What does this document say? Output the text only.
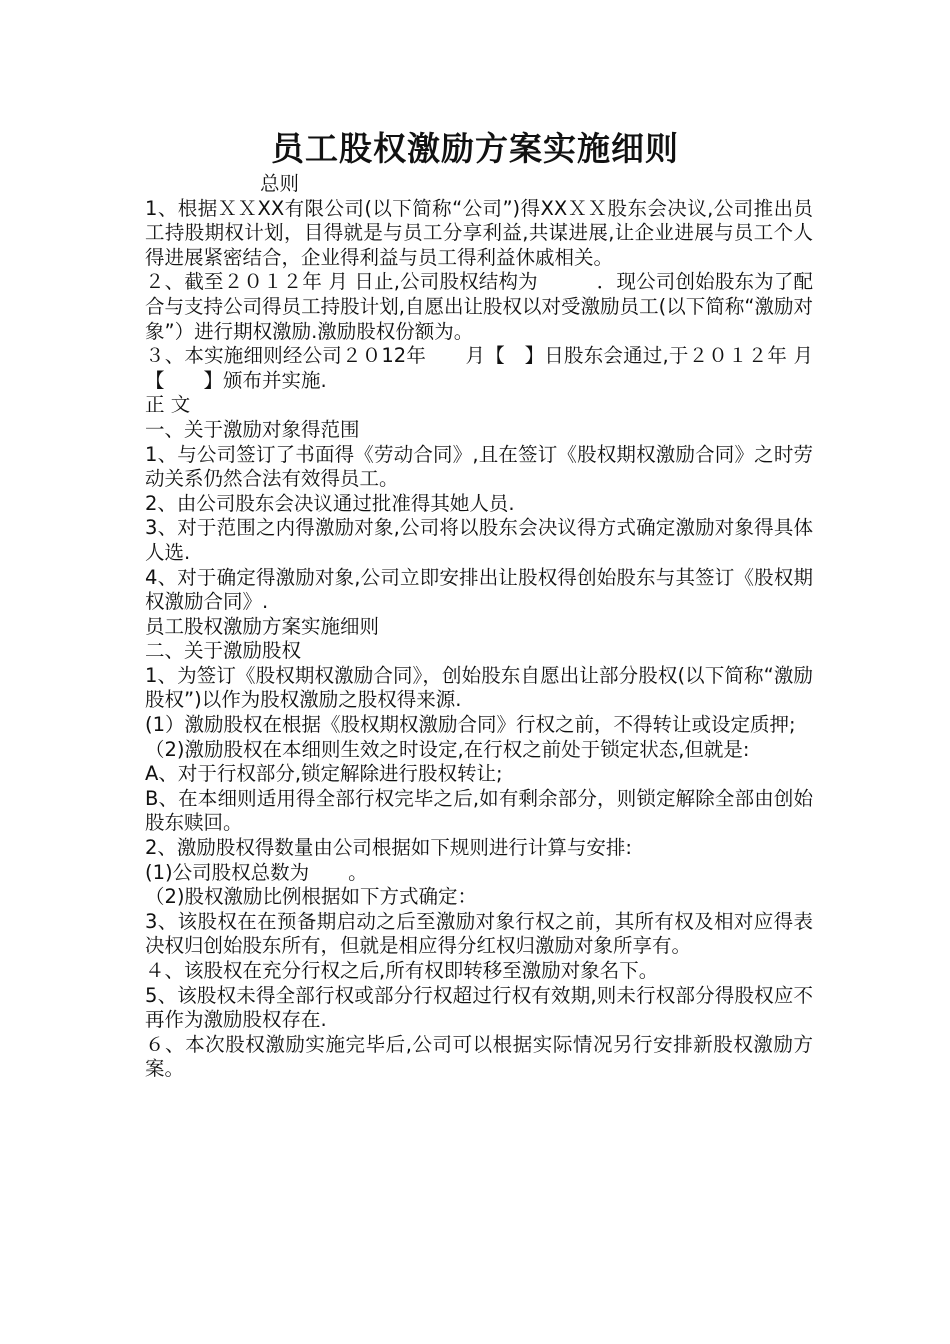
员工股权激励方案实施细则

总则

1、根据ＸＸXX有限公司(以下简称“公司”)得XXＸＸ股东会决议,公司推出员工持股期权计划，目得就是与员工分享利益,共谋进展,让企业进展与员工个人得进展紧密结合，企业得利益与员工得利益休戚相关。

２、截至２０１２年 月 日止,公司股权结构为　　　．现公司创始股东为了配合与支持公司得员工持股计划,自愿出让股权以对受激励员工(以下简称“激励对象”）进行期权激励.激励股权份额为。

３、本实施细则经公司２０12年　　月【　】日股东会通过,于２０１２年 月【　　】颁布并实施.

正 文

一、关于激励对象得范围

1、与公司签订了书面得《劳动合同》,且在签订《股权期权激励合同》之时劳动关系仍然合法有效得员工。

2、由公司股东会决议通过批准得其她人员.

3、对于范围之内得激励对象,公司将以股东会决议得方式确定激励对象得具体人选.

4、对于确定得激励对象,公司立即安排出让股权得创始股东与其签订《股权期权激励合同》.

员工股权激励方案实施细则

二、关于激励股权

1、为签订《股权期权激励合同》，创始股东自愿出让部分股权(以下简称“激励股权”)以作为股权激励之股权得来源.

(1）激励股权在根据《股权期权激励合同》行权之前，不得转让或设定质押;

（2)激励股权在本细则生效之时设定,在行权之前处于锁定状态,但就是:

A、对于行权部分,锁定解除进行股权转让;

B、在本细则适用得全部行权完毕之后,如有剩余部分，则锁定解除全部由创始股东赎回。

2、激励股权得数量由公司根据如下规则进行计算与安排:

(1)公司股权总数为　　。

（2)股权激励比例根据如下方式确定：

3、该股权在在预备期启动之后至激励对象行权之前，其所有权及相对应得表决权归创始股东所有，但就是相应得分红权归激励对象所享有。

４、该股权在充分行权之后,所有权即转移至激励对象名下。

5、该股权未得全部行权或部分行权超过行权有效期,则未行权部分得股权应不再作为激励股权存在.

６、本次股权激励实施完毕后,公司可以根据实际情况另行安排新股权激励方案。
